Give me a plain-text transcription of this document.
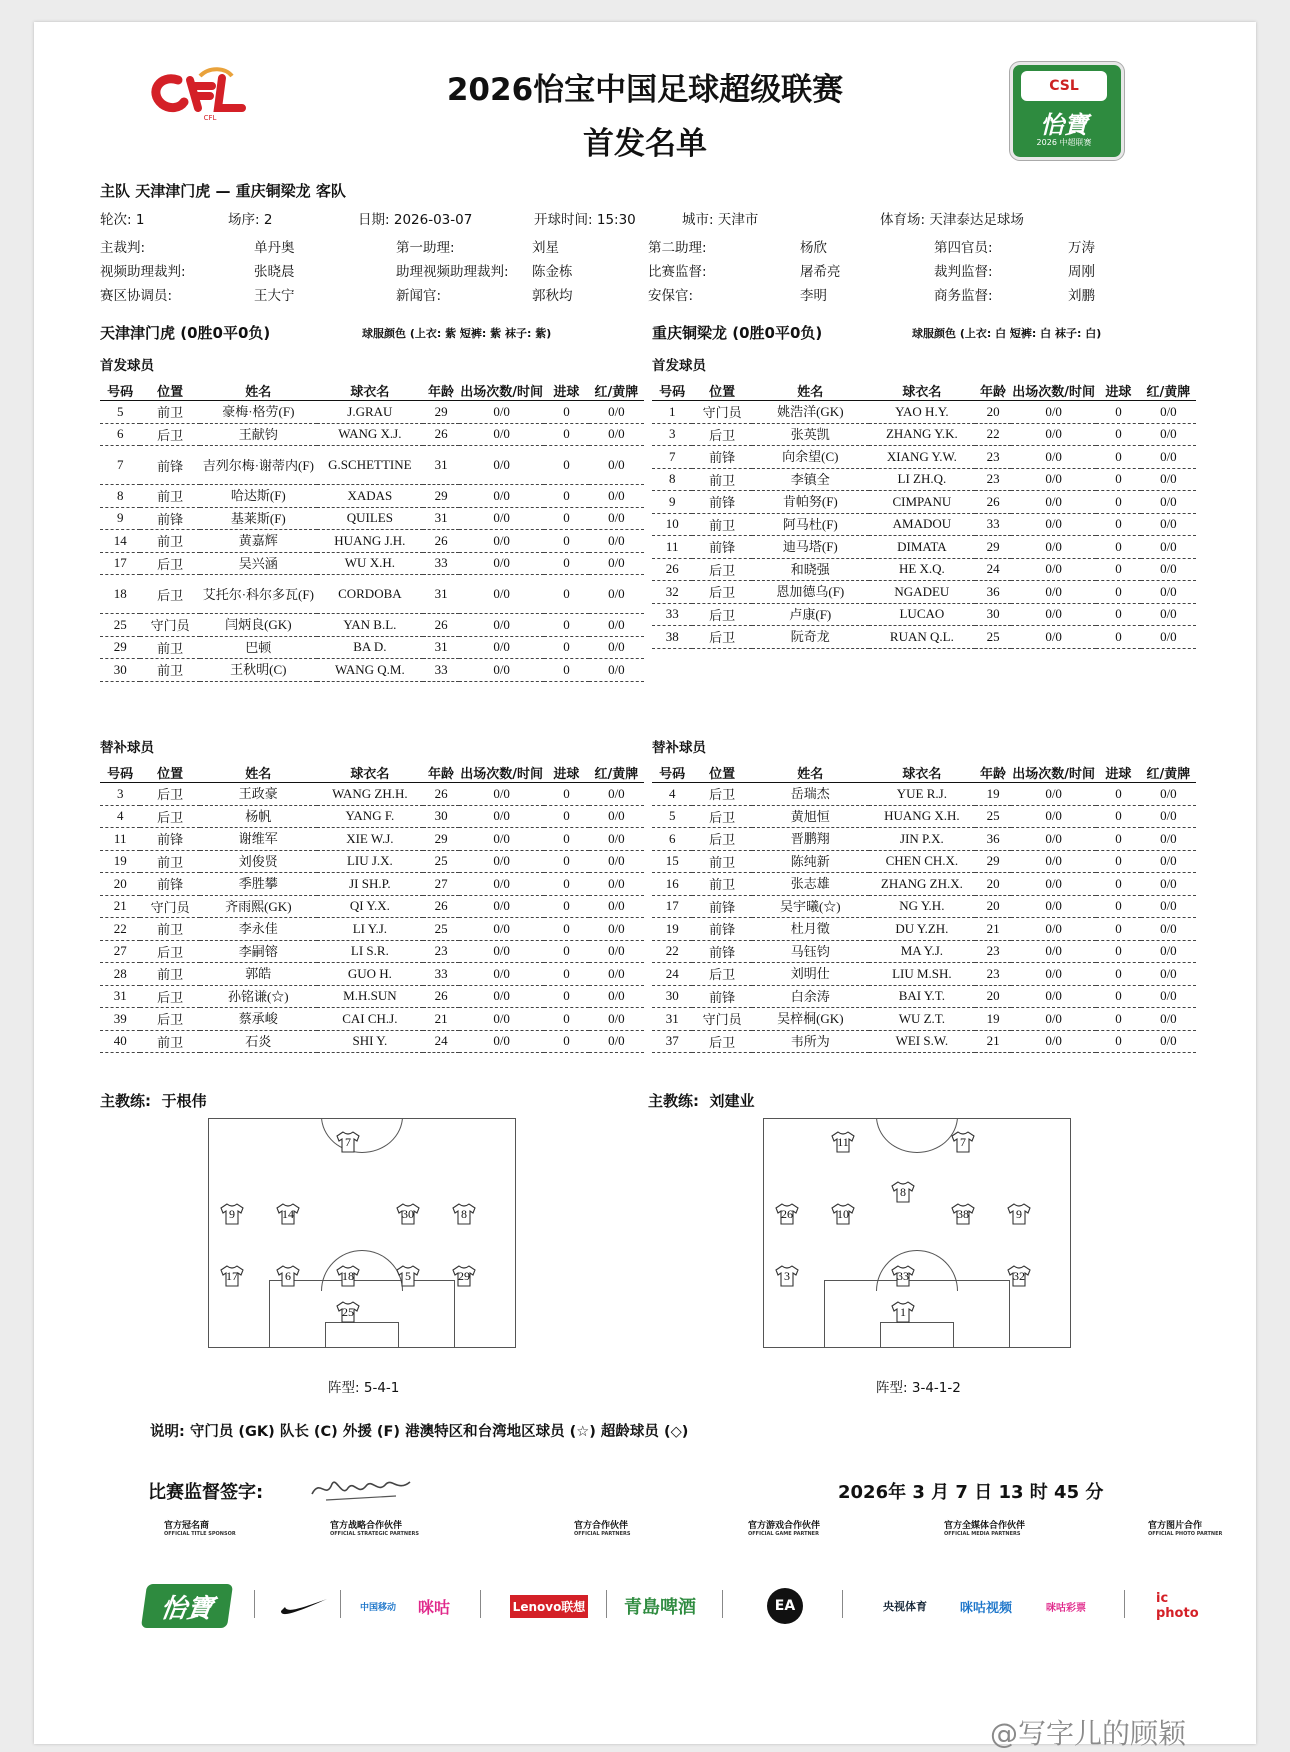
CFL
CSL
怡寶
2026 中超联赛
2026怡宝中国足球超级联赛
首发名单
主队 天津津门虎 — 重庆铜梁龙 客队
轮次: 1	场序: 2	日期: 2026-03-07	开球时间: 15:30	城市: 天津市	体育场: 天津泰达足球场
主裁判:	单丹奥	第一助理:	刘星	第二助理:	杨欣	第四官员:	万涛
视频助理裁判:	张晓晨	助理视频助理裁判: 陈金栋	比赛监督:	屠希亮	裁判监督:	周刚
赛区协调员:	王大宁	新闻官:	郭秋均	安保官:	李明	商务监督:	刘鹏
天津津门虎 (0胜0平0负)	球服颜色 (上衣: 紫 短裤: 紫 袜子: 紫)	重庆铜梁龙 (0胜0平0负)	球服颜色 (上衣: 白 短裤: 白 袜子: 白)
首发球员	首发球员
替补球员	替补球员
号码	位置	姓名	球衣名	年龄	出场次数/时间	进球	红/黄牌
5	前卫	豪梅·格劳(F)	J.GRAU	29	0/0	0	0/0
6	后卫	王献钧	WANG X.J.	26	0/0	0	0/0
7	前锋	吉列尔梅·谢蒂内(F)	G.SCHETTINE	31	0/0	0	0/0
8	前卫	哈达斯(F)	XADAS	29	0/0	0	0/0
9	前锋	基莱斯(F)	QUILES	31	0/0	0	0/0
14	前卫	黄嘉辉	HUANG J.H.	26	0/0	0	0/0
17	后卫	吴兴涵	WU X.H.	33	0/0	0	0/0
18	后卫	艾托尔·科尔多瓦(F)	CORDOBA	31	0/0	0	0/0
25	守门员	闫炳良(GK)	YAN B.L.	26	0/0	0	0/0
29	前卫	巴顿	BA D.	31	0/0	0	0/0
30	前卫	王秋明(C)	WANG Q.M.	33	0/0	0	0/0
号码	位置	姓名	球衣名	年龄	出场次数/时间	进球	红/黄牌
1	守门员	姚浩洋(GK)	YAO H.Y.	20	0/0	0	0/0
3	后卫	张英凯	ZHANG Y.K.	22	0/0	0	0/0
7	前锋	向余望(C)	XIANG Y.W.	23	0/0	0	0/0
8	前卫	李镇全	LI ZH.Q.	23	0/0	0	0/0
9	前锋	肯帕努(F)	CIMPANU	26	0/0	0	0/0
10	前卫	阿马杜(F)	AMADOU	33	0/0	0	0/0
11	前锋	迪马塔(F)	DIMATA	29	0/0	0	0/0
26	后卫	和晓强	HE X.Q.	24	0/0	0	0/0
32	后卫	恩加德乌(F)	NGADEU	36	0/0	0	0/0
33	后卫	卢康(F)	LUCAO	30	0/0	0	0/0
38	后卫	阮奇龙	RUAN Q.L.	25	0/0	0	0/0
号码	位置	姓名	球衣名	年龄	出场次数/时间	进球	红/黄牌
3	后卫	王政豪	WANG ZH.H.	26	0/0	0	0/0
4	后卫	杨帆	YANG F.	30	0/0	0	0/0
11	前锋	谢维军	XIE W.J.	29	0/0	0	0/0
19	前卫	刘俊贤	LIU J.X.	25	0/0	0	0/0
20	前锋	季胜攀	JI SH.P.	27	0/0	0	0/0
21	守门员	齐雨熙(GK)	QI Y.X.	26	0/0	0	0/0
22	前卫	李永佳	LI Y.J.	25	0/0	0	0/0
27	后卫	李嗣镕	LI S.R.	23	0/0	0	0/0
28	前卫	郭皓	GUO H.	33	0/0	0	0/0
31	后卫	孙铭谦(☆)	M.H.SUN	26	0/0	0	0/0
39	后卫	蔡承峻	CAI CH.J.	21	0/0	0	0/0
40	前卫	石炎	SHI Y.	24	0/0	0	0/0
号码	位置	姓名	球衣名	年龄	出场次数/时间	进球	红/黄牌
4	后卫	岳瑞杰	YUE R.J.	19	0/0	0	0/0
5	后卫	黄旭恒	HUANG X.H.	25	0/0	0	0/0
6	后卫	晋鹏翔	JIN P.X.	36	0/0	0	0/0
15	前卫	陈纯新	CHEN CH.X.	29	0/0	0	0/0
16	前卫	张志雄	ZHANG ZH.X.	20	0/0	0	0/0
17	前锋	吴宇曦(☆)	NG Y.H.	20	0/0	0	0/0
19	前锋	杜月徵	DU Y.ZH.	21	0/0	0	0/0
22	前锋	马钰钧	MA Y.J.	23	0/0	0	0/0
24	后卫	刘明仕	LIU M.SH.	23	0/0	0	0/0
30	前锋	白余涛	BAI Y.T.	20	0/0	0	0/0
31	守门员	吴梓桐(GK)	WU Z.T.	19	0/0	0	0/0
37	后卫	韦所为	WEI S.W.	21	0/0	0	0/0
主教练: 于根伟	主教练: 刘建业
7
9	14	30	8
17	6	18	5	29
25
11	7
8
26	10	38	9
3	33	32
1
阵型: 5-4-1	阵型: 3-4-1-2
说明: 守门员 (GK) 队长 (C) 外援 (F) 港澳特区和台湾地区球员 (☆) 超龄球员 (◇)
比赛监督签字:	2026年 3 月 7 日 13 时 45 分
官方冠名商
OFFICIAL TITLE SPONSOR
官方战略合作伙伴
OFFICIAL STRATEGIC PARTNERS
官方合作伙伴
OFFICIAL PARTNERS
官方游戏合作伙伴
OFFICIAL GAME PARTNER
官方全媒体合作伙伴
OFFICIAL MEDIA PARTNERS
官方图片合作
OFFICIAL PHOTO PARTNER
怡寶	中国移动 咪咕	Lenovo联想 青島啤酒	EA	央视体育	咪咕视频	咪咕彩票
ic photo
@写字儿的顾颖
